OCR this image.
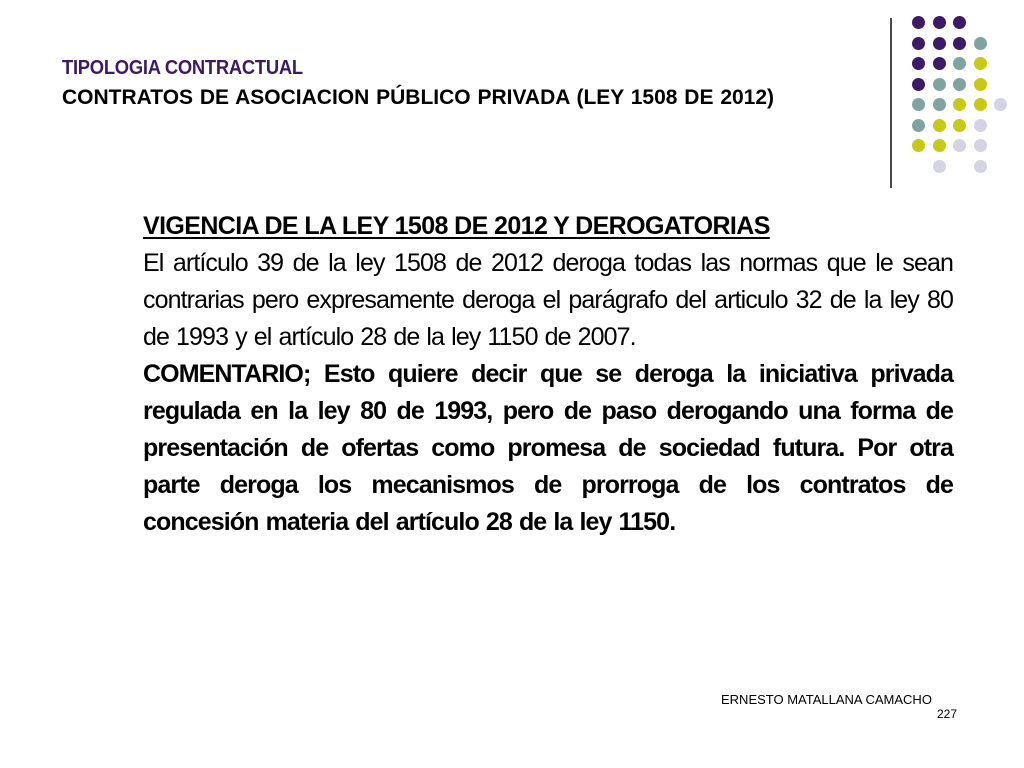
TIPOLOGIA CONTRACTUAL
CONTRATOS DE ASOCIACION PÚBLICO PRIVADA (LEY 1508 DE 2012)
VIGENCIA DE LA LEY 1508 DE 2012 Y DEROGATORIAS
El artículo 39 de la ley 1508 de 2012 deroga todas las normas que le sean contrarias pero expresamente deroga el parágrafo del articulo 32 de la ley 80 de 1993 y el artículo 28 de la ley 1150 de 2007.
COMENTARIO; Esto quiere decir que se deroga la iniciativa privada regulada en la ley 80 de 1993, pero de paso derogando una forma de presentación de ofertas como promesa de sociedad futura. Por otra parte deroga los mecanismos de prorroga de los contratos de concesión materia del artículo 28 de la ley 1150.
ERNESTO MATALLANA CAMACHO
227
